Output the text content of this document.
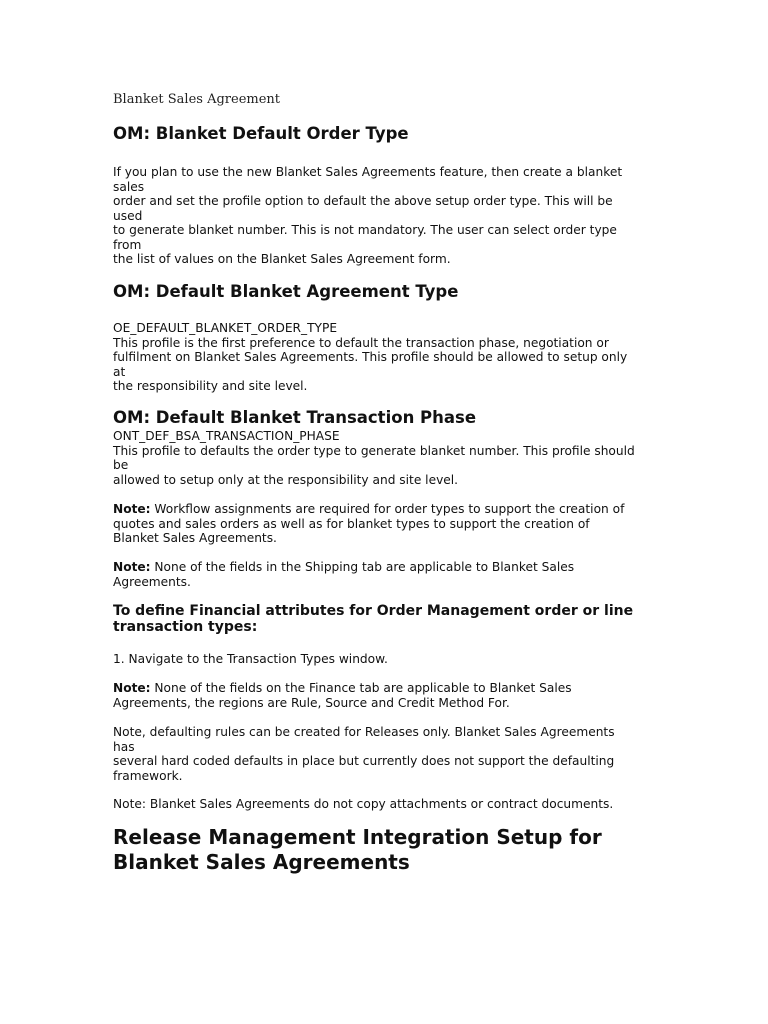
Blanket Sales Agreement
OM: Blanket Default Order Type
If you plan to use the new Blanket Sales Agreements feature, then create a blanket
sales
order and set the profile option to default the above setup order type. This will be
used
to generate blanket number. This is not mandatory. The user can select order type
from
the list of values on the Blanket Sales Agreement form.
OM: Default Blanket Agreement Type
OE_DEFAULT_BLANKET_ORDER_TYPE
This profile is the first preference to default the transaction phase, negotiation or
fulfilment on Blanket Sales Agreements. This profile should be allowed to setup only
at
the responsibility and site level.
OM: Default Blanket Transaction Phase
ONT_DEF_BSA_TRANSACTION_PHASE
This profile to defaults the order type to generate blanket number. This profile should
be
allowed to setup only at the responsibility and site level.
Note: Workflow assignments are required for order types to support the creation of
quotes and sales orders as well as for blanket types to support the creation of
Blanket Sales Agreements.
Note: None of the fields in the Shipping tab are applicable to Blanket Sales
Agreements.
To define Financial attributes for Order Management order or line
transaction types:
1. Navigate to the Transaction Types window.
Note: None of the fields on the Finance tab are applicable to Blanket Sales
Agreements, the regions are Rule, Source and Credit Method For.
Note, defaulting rules can be created for Releases only. Blanket Sales Agreements
has
several hard coded defaults in place but currently does not support the defaulting
framework.
Note: Blanket Sales Agreements do not copy attachments or contract documents.
Release Management Integration Setup for
Blanket Sales Agreements
